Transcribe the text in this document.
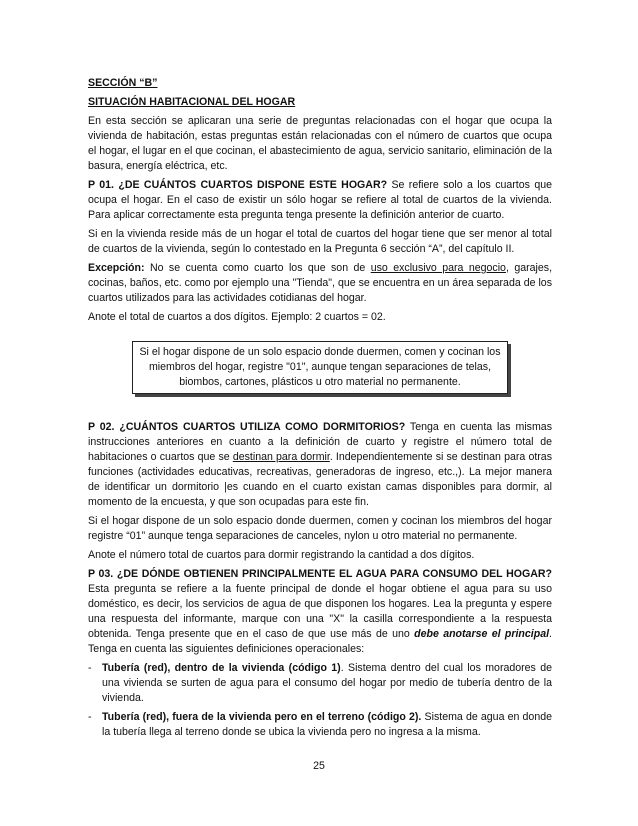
SECCIÓN “B”
SITUACIÓN HABITACIONAL DEL HOGAR

En esta sección se aplicaran una serie de preguntas relacionadas con el hogar que ocupa la vivienda de habitación, estas preguntas están relacionadas con el número de cuartos que ocupa el hogar, el lugar en el que cocinan, el abastecimiento de agua, servicio sanitario, eliminación de la basura, energía eléctrica, etc.

P 01. ¿DE CUÁNTOS CUARTOS DISPONE ESTE HOGAR? Se refiere solo a los cuartos que ocupa el hogar. En el caso de existir un sólo hogar se refiere al total de cuartos de la vivienda. Para aplicar correctamente esta pregunta tenga presente la definición anterior de cuarto.

Si en la vivienda reside más de un hogar el total de cuartos del hogar tiene que ser menor al total de cuartos de la vivienda, según lo contestado en la Pregunta 6 sección “A”, del capítulo II.

Excepción: No se cuenta como cuarto los que son de uso exclusivo para negocio, garajes, cocinas, baños, etc. como por ejemplo una "Tienda", que se encuentra en un área separada de los cuartos utilizados para las actividades cotidianas del hogar.

Anote el total de cuartos a dos dígitos. Ejemplo: 2 cuartos = 02.

Si el hogar dispone de un solo espacio donde duermen, comen y cocinan los miembros del hogar, registre "01", aunque tengan separaciones de telas, biombos, cartones, plásticos u otro material no permanente.

P 02. ¿CUÁNTOS CUARTOS UTILIZA COMO DORMITORIOS? Tenga en cuenta las mismas instrucciones anteriores en cuanto a la definición de cuarto y registre el número total de habitaciones o cuartos que se destinan para dormir. Independientemente si se destinan para otras funciones (actividades educativas, recreativas, generadoras de ingreso, etc.,). La mejor manera de identificar un dormitorio |es cuando en el cuarto existan camas disponibles para dormir, al momento de la encuesta, y que son ocupadas para este fin.

Si el hogar dispone de un solo espacio donde duermen, comen y cocinan los miembros del hogar registre “01” aunque tenga separaciones de canceles, nylon u otro material no permanente.

Anote el número total de cuartos para dormir registrando la cantidad a dos dígitos.

P 03. ¿DE DÓNDE OBTIENEN PRINCIPALMENTE EL AGUA PARA CONSUMO DEL HOGAR? Esta pregunta se refiere a la fuente principal de donde el hogar obtiene el agua para su uso doméstico, es decir, los servicios de agua de que disponen los hogares. Lea la pregunta y espere una respuesta del informante, marque con una "X" la casilla correspondiente a la respuesta obtenida. Tenga presente que en el caso de que use más de uno debe anotarse el principal. Tenga en cuenta las siguientes definiciones operacionales:

- Tubería (red), dentro de la vivienda (código 1). Sistema dentro del cual los moradores de una vivienda se surten de agua para el consumo del hogar por medio de tubería dentro de la vivienda.
- Tubería (red), fuera de la vivienda pero en el terreno (código 2). Sistema de agua en donde la tubería llega al terreno donde se ubica la vivienda pero no ingresa a la misma.
25
